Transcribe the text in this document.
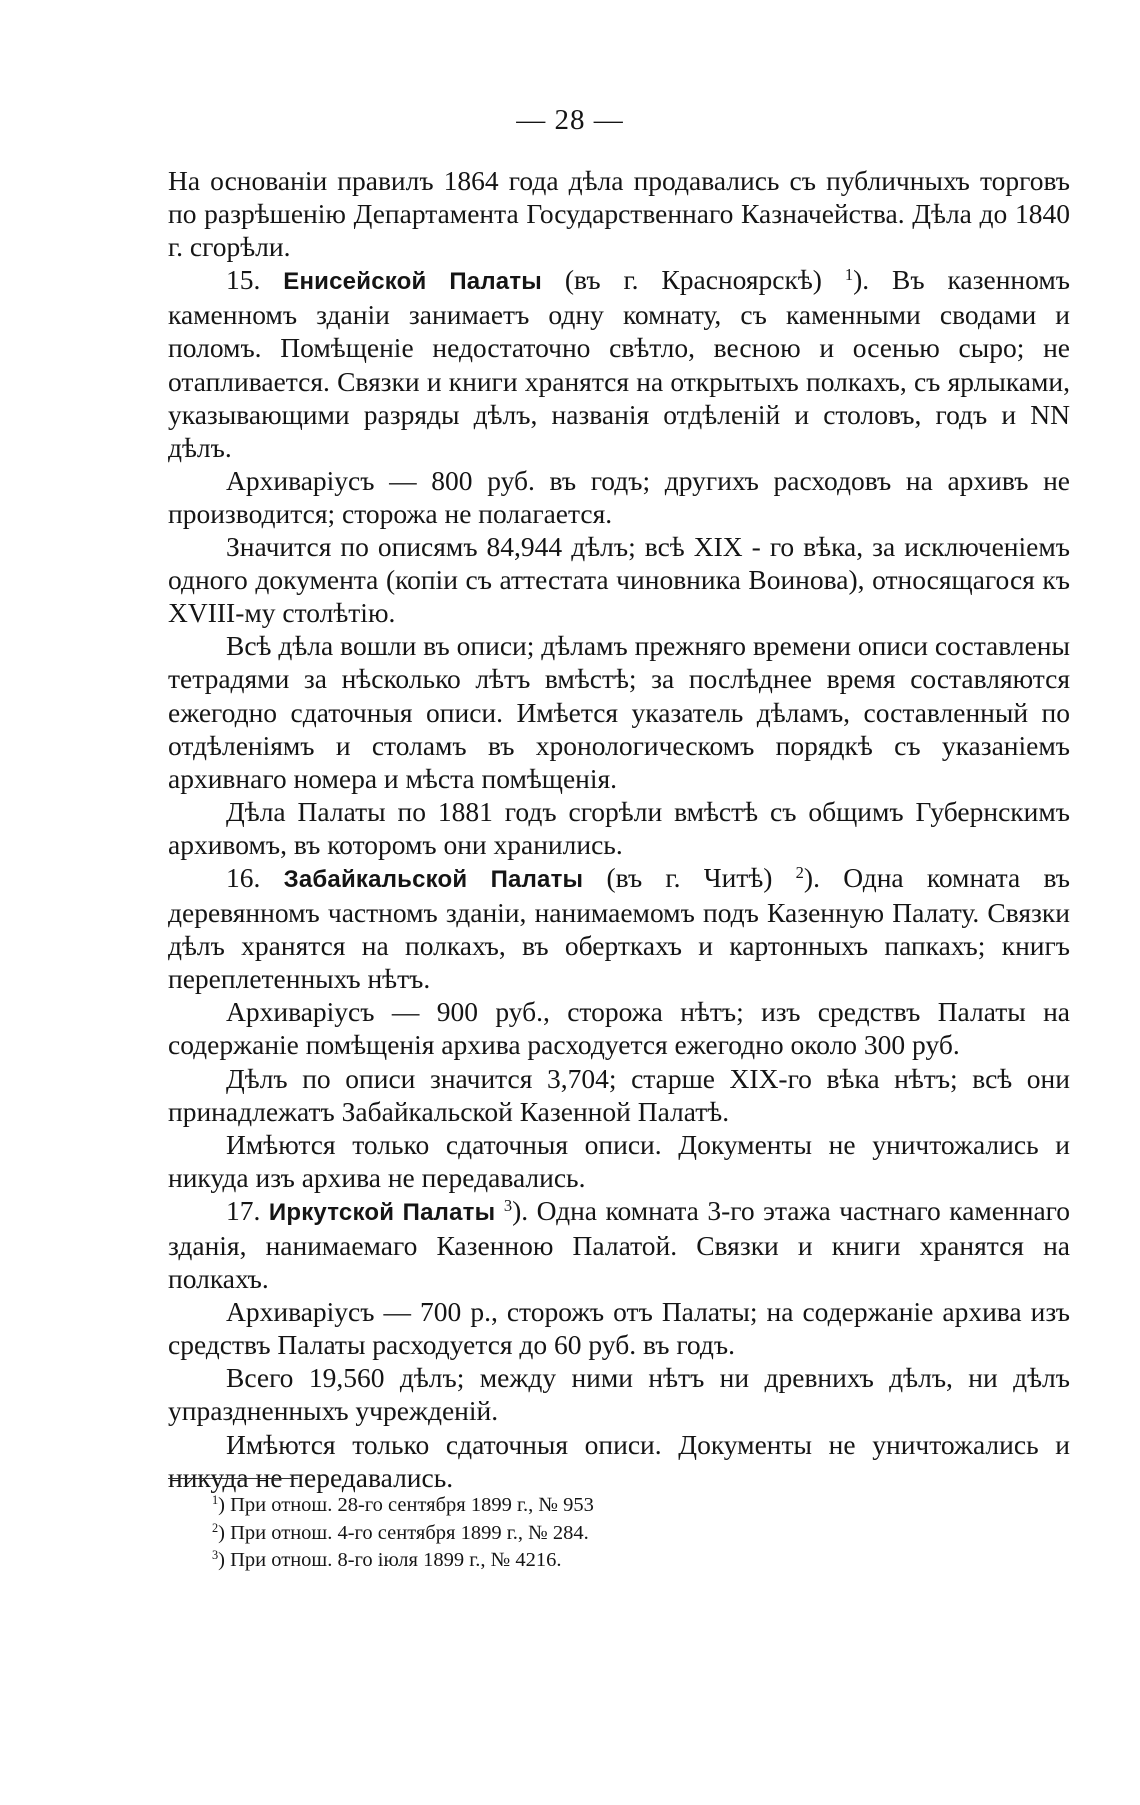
— 28 —

На основаніи правилъ 1864 года дѣла продавались съ публичныхъ торговъ по разрѣшенію Департамента Государственнаго Казначейства. Дѣла до 1840 г. сгорѣли.

15. Енисейской Палаты (въ г. Красноярскѣ) $^1$). Въ казенномъ каменномъ зданіи занимаетъ одну комнату, съ каменными сводами и поломъ. Помѣщеніе недостаточно свѣтло, весною и осенью сыро; не отапливается. Связки и книги хранятся на открытыхъ полкахъ, съ ярлыками, указывающими разряды дѣлъ, названія отдѣленій и столовъ, годъ и NN дѣлъ.

Архиваріусъ — 800 руб. въ годъ; другихъ расходовъ на архивъ не производится; сторожа не полагается.

Значится по описямъ 84,944 дѣлъ; всѣ XIX - го вѣка, за исключеніемъ одного документа (копіи съ аттестата чиновника Воинова), относящагося къ XVIII-му столѣтію.

Всѣ дѣла вошли въ описи; дѣламъ прежняго времени описи составлены тетрадями за нѣсколько лѣтъ вмѣстѣ; за послѣднее время составляются ежегодно сдаточныя описи. Имѣется указатель дѣламъ, составленный по отдѣленіямъ и столамъ въ хронологическомъ порядкѣ съ указаніемъ архивнаго номера и мѣста помѣщенія.

Дѣла Палаты по 1881 годъ сгорѣли вмѣстѣ съ общимъ Губернскимъ архивомъ, въ которомъ они хранились.

16. Забайкальской Палаты (въ г. Читѣ) $^2$). Одна комната въ деревянномъ частномъ зданіи, нанимаемомъ подъ Казенную Палату. Связки дѣлъ хранятся на полкахъ, въ оберткахъ и картонныхъ папкахъ; книгъ переплетенныхъ нѣтъ.

Архиваріусъ — 900 руб., сторожа нѣтъ; изъ средствъ Палаты на содержаніе помѣщенія архива расходуется ежегодно около 300 руб.

Дѣлъ по описи значится 3,704; старше XIX-го вѣка нѣтъ; всѣ они принадлежатъ Забайкальской Казенной Палатѣ.

Имѣются только сдаточныя описи. Документы не уничтожались и никуда изъ архива не передавались.

17. Иркутской Палаты $^3$). Одна комната 3-го этажа частнаго каменнаго зданія, нанимаемаго Казенною Палатой. Связки и книги хранятся на полкахъ.

Архиваріусъ — 700 р., сторожъ отъ Палаты; на содержаніе архива изъ средствъ Палаты расходуется до 60 руб. въ годъ.

Всего 19,560 дѣлъ; между ними нѣтъ ни древнихъ дѣлъ, ни дѣлъ упраздненныхъ учрежденій.

Имѣются только сдаточныя описи. Документы не уничтожались и никуда не передавались.

$^1$) При отнош. 28-го сентября 1899 г., № 953

$^2$) При отнош. 4-го сентября 1899 г., № 284.

$^3$) При отнош. 8-го іюля 1899 г., № 4216.
